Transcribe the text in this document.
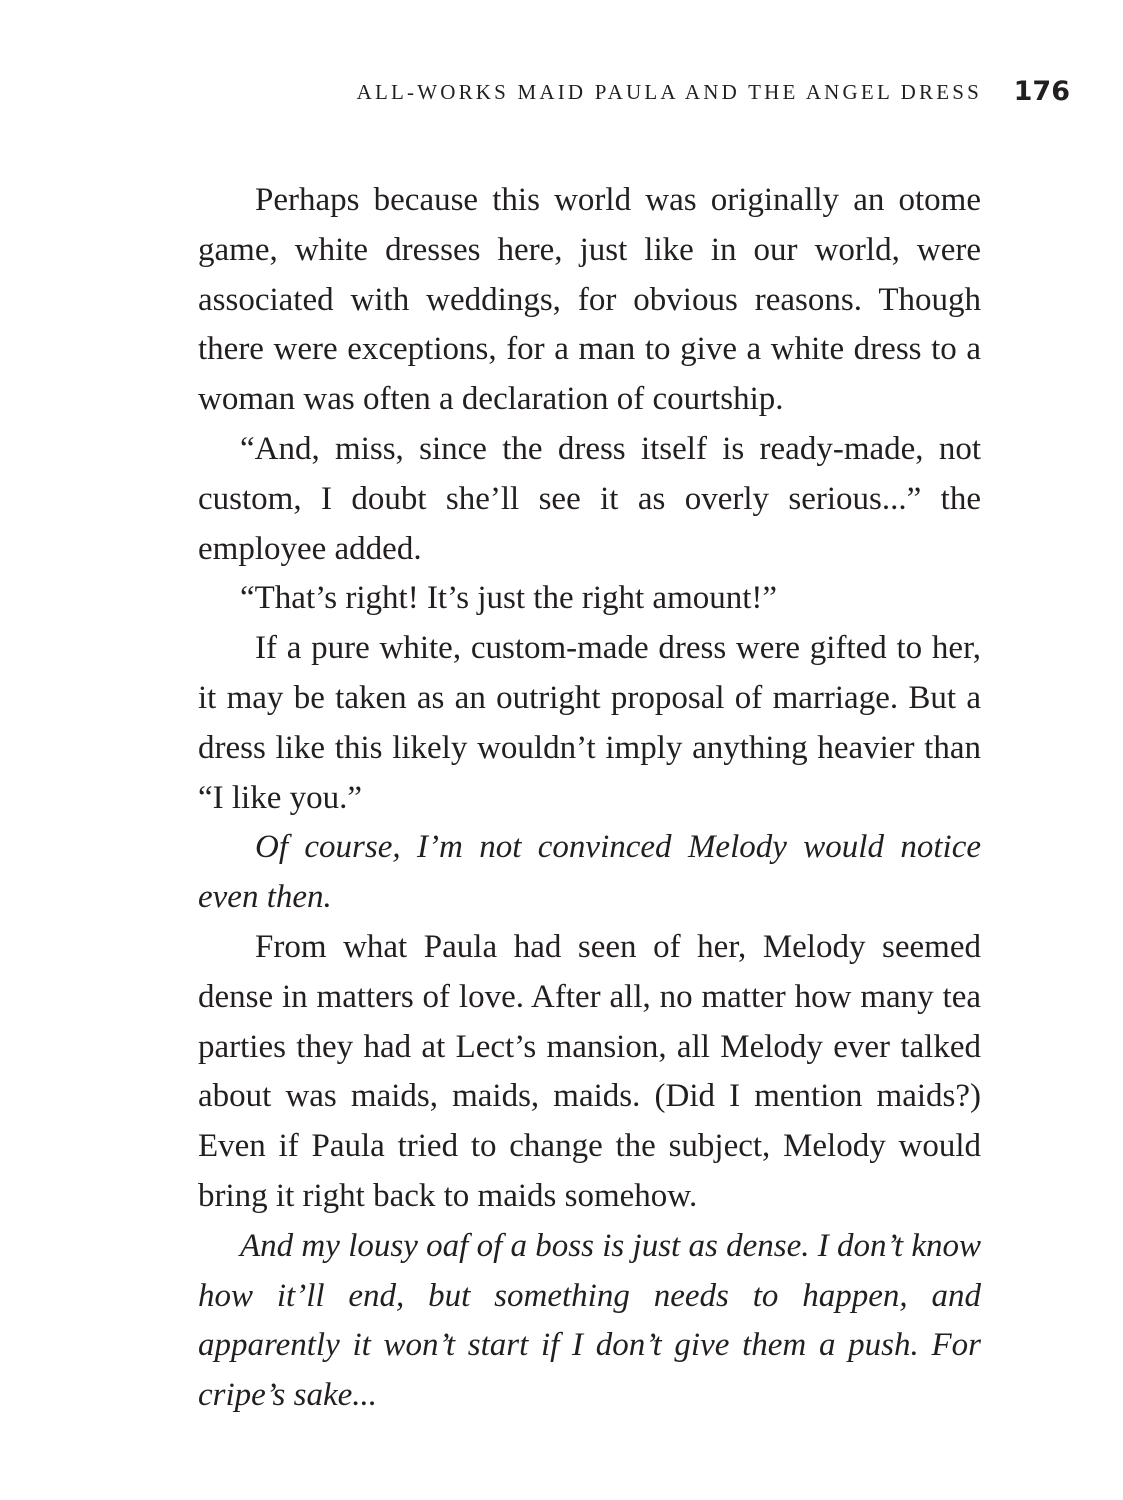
ALL-WORKS MAID PAULA AND THE ANGEL DRESS 176

Perhaps because this world was originally an otome game, white dresses here, just like in our world, were associated with weddings, for obvious reasons. Though there were exceptions, for a man to give a white dress to a woman was often a declaration of courtship.

“And, miss, since the dress itself is ready-made, not custom, I doubt she’ll see it as overly serious...” the employee added.

“That’s right! It’s just the right amount!”

If a pure white, custom-made dress were gifted to her, it may be taken as an outright proposal of marriage. But a dress like this likely wouldn’t imply anything heavier than “I like you.”

Of course, I’m not convinced Melody would notice even then.

From what Paula had seen of her, Melody seemed dense in matters of love. After all, no matter how many tea parties they had at Lect’s mansion, all Melody ever talked about was maids, maids, maids. (Did I mention maids?) Even if Paula tried to change the subject, Melody would bring it right back to maids somehow.

And my lousy oaf of a boss is just as dense. I don’t know how it’ll end, but something needs to happen, and apparently it won’t start if I don’t give them a push. For cripe’s sake...
